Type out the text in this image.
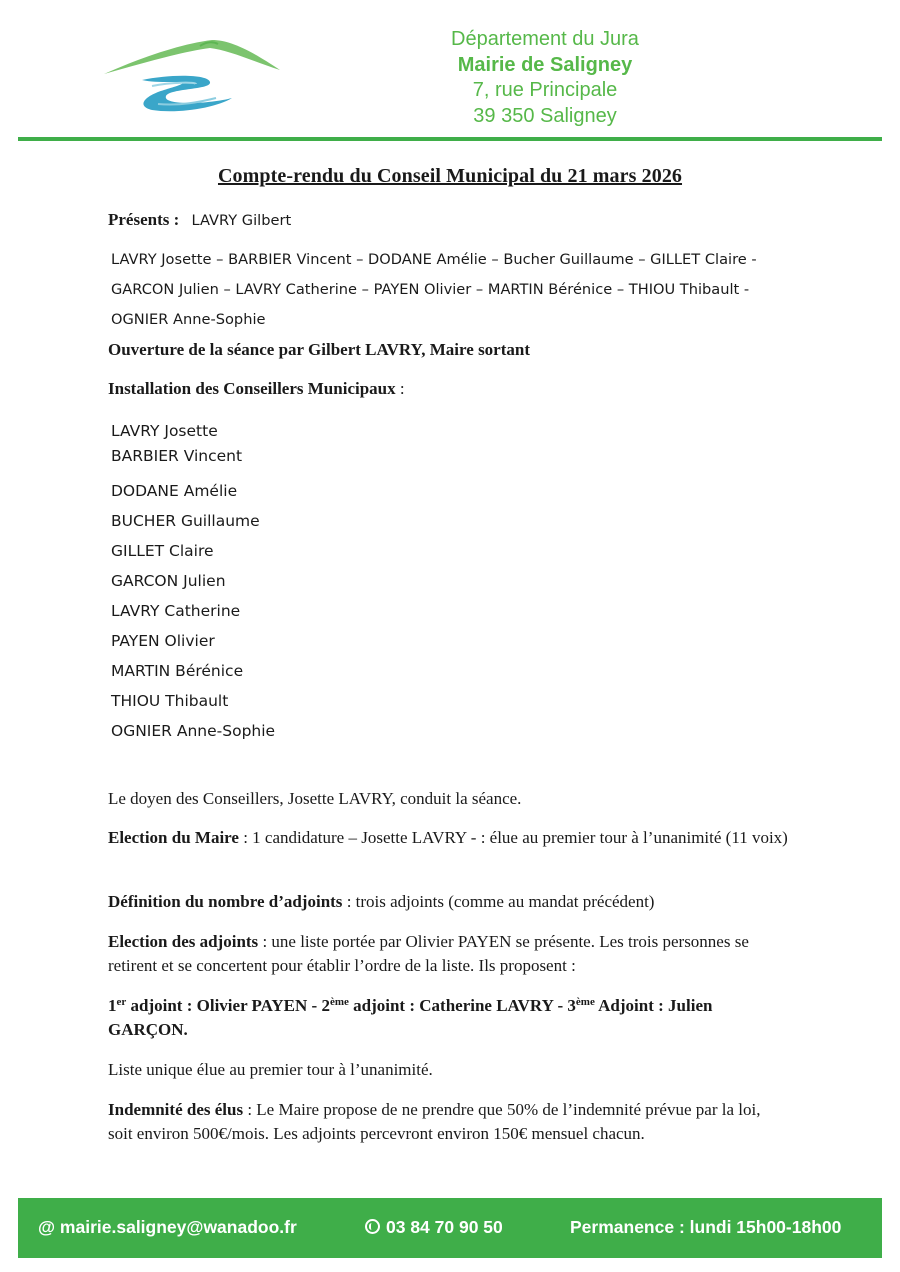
Département du Jura
Mairie de Saligney
7, rue Principale
39 350 Saligney
Compte-rendu du Conseil Municipal du 21 mars 2026
Présents : LAVRY Gilbert
LAVRY Josette – BARBIER Vincent – DODANE Amélie – Bucher Guillaume – GILLET Claire -
GARCON Julien – LAVRY Catherine – PAYEN Olivier – MARTIN Bérénice – THIOU Thibault -
OGNIER Anne-Sophie
Ouverture de la séance par Gilbert LAVRY, Maire sortant
Installation des Conseillers Municipaux :
LAVRY Josette
BARBIER Vincent
DODANE Amélie
BUCHER Guillaume
GILLET Claire
GARCON Julien
LAVRY Catherine
PAYEN Olivier
MARTIN Bérénice
THIOU Thibault
OGNIER Anne-Sophie
Le doyen des Conseillers, Josette LAVRY, conduit la séance.
Election du Maire : 1 candidature – Josette LAVRY - : élue au premier tour à l’unanimité (11 voix)
Définition du nombre d’adjoints : trois adjoints (comme au mandat précédent)
Election des adjoints : une liste portée par Olivier PAYEN se présente. Les trois personnes se retirent et se concertent pour établir l’ordre de la liste. Ils proposent :
1er adjoint : Olivier PAYEN - 2ème adjoint : Catherine LAVRY - 3ème Adjoint : Julien GARÇON.
Liste unique élue au premier tour à l’unanimité.
Indemnité des élus : Le Maire propose de ne prendre que 50% de l’indemnité prévue par la loi, soit environ 500€/mois. Les adjoints percevront environ 150€ mensuel chacun.
@ mairie.saligney@wanadoo.fr	03 84 70 90 50	Permanence : lundi 15h00-18h00
